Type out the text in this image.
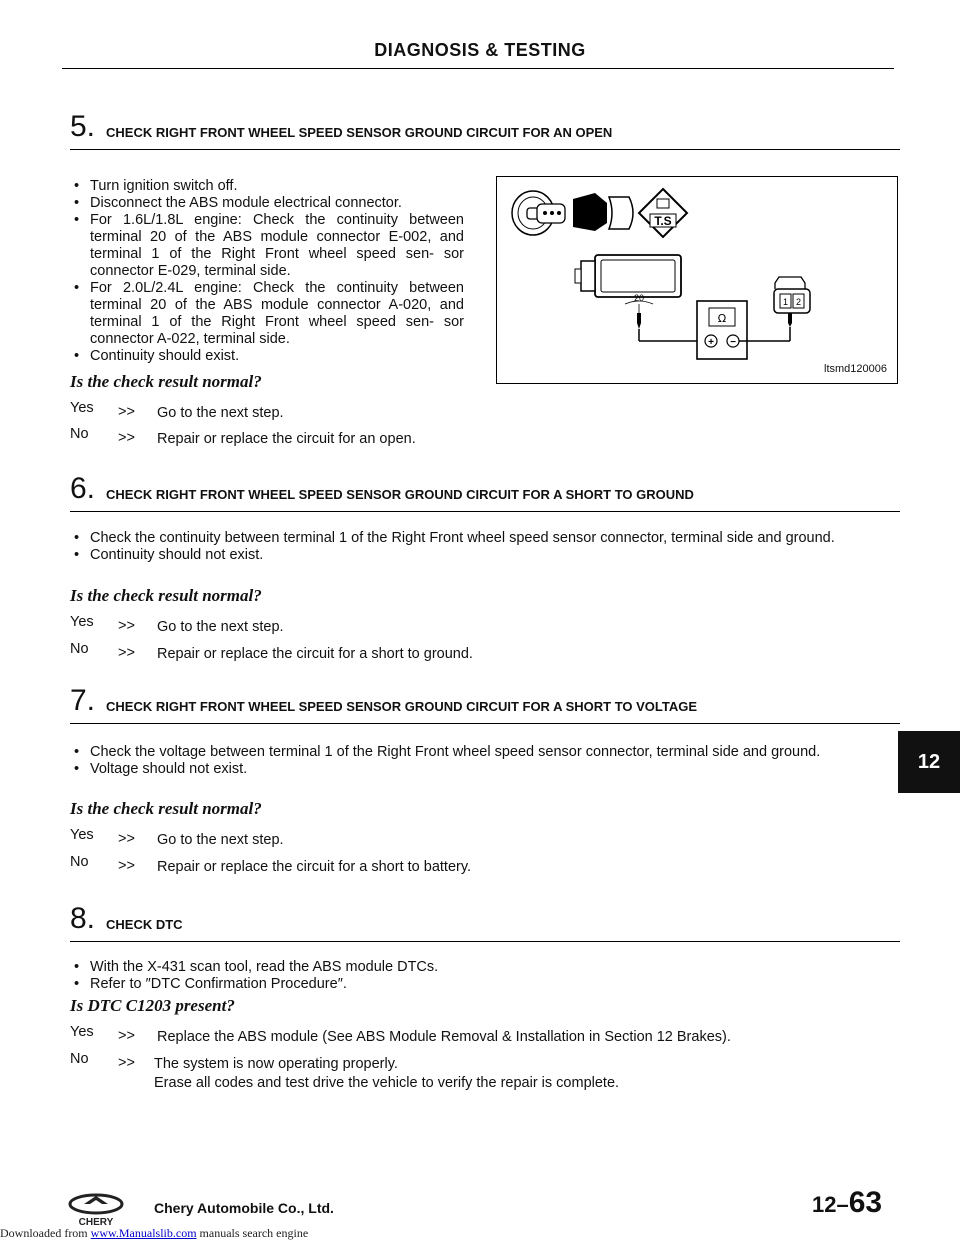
DIAGNOSIS & TESTING
5. CHECK RIGHT FRONT WHEEL SPEED SENSOR GROUND CIRCUIT FOR AN OPEN
• Turn ignition switch off.
• Disconnect the ABS module electrical connector.
• For 1.6L/1.8L engine: Check the continuity between terminal 20 of the ABS module connector E-002, and terminal 1 of the Right Front wheel speed sen- sor connector E-029, terminal side.
• For 2.0L/2.4L engine: Check the continuity between terminal 20 of the ABS module connector A-020, and terminal 1 of the Right Front wheel speed sen- sor connector A-022, terminal side.
• Continuity should exist.
Is the check result normal?
Yes >> Go to the next step.
No >> Repair or replace the circuit for an open.
T.S
20
Ω
+ −
1 2
ltsmd120006
6. CHECK RIGHT FRONT WHEEL SPEED SENSOR GROUND CIRCUIT FOR A SHORT TO GROUND
• Check the continuity between terminal 1 of the Right Front wheel speed sensor connector, terminal side and ground.
• Continuity should not exist.
Is the check result normal?
Yes >> Go to the next step.
No >> Repair or replace the circuit for a short to ground.
7. CHECK RIGHT FRONT WHEEL SPEED SENSOR GROUND CIRCUIT FOR A SHORT TO VOLTAGE
• Check the voltage between terminal 1 of the Right Front wheel speed sensor connector, terminal side and ground.
• Voltage should not exist.
Is the check result normal?
Yes >> Go to the next step.
No >> Repair or replace the circuit for a short to battery.
12
8. CHECK DTC
• With the X-431 scan tool, read the ABS module DTCs.
• Refer to ″DTC Confirmation Procedure″.
Is DTC C1203 present?
Yes >> Replace the ABS module (See ABS Module Removal & Installation in Section 12 Brakes).
No >> The system is now operating properly.
Erase all codes and test drive the vehicle to verify the repair is complete.
CHERY
Chery Automobile Co., Ltd.	12–63
Downloaded from www.Manualslib.com manuals search engine
